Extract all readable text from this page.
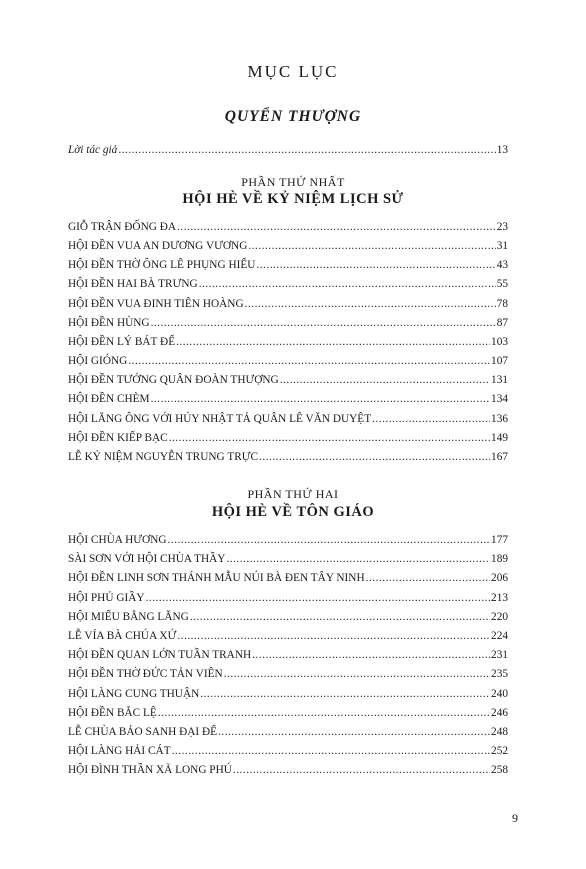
MỤC LỤC
QUYỂN THƯỢNG
Lời tác giả .....	13
PHẦN THỨ NHẤT
HỘI HÈ VỀ KỶ NIỆM LỊCH SỬ
GIỖ TRẬN ĐỐNG ĐA .....	23
HỘI ĐỀN VUA AN DƯƠNG VƯƠNG .....	31
HỘI ĐỀN THỜ ÔNG LÊ PHỤNG HIỂU .....	43
HỘI ĐỀN HAI BÀ TRƯNG .....	55
HỘI ĐỀN VUA ĐINH TIÊN HOÀNG .....	78
HỘI ĐỀN HÙNG .....	87
HỘI ĐỀN LÝ BÁT ĐẾ .....	103
HỘI GIÓNG .....	107
HỘI ĐỀN TƯỚNG QUÂN ĐOÀN THƯỢNG .....	131
HỘI ĐỀN CHÈM .....	134
HỘI LĂNG ÔNG VỚI HÚY NHẬT TẢ QUÂN LÊ VĂN DUYỆT .....	136
HỘI ĐỀN KIẾP BẠC .....	149
LỄ KỶ NIỆM NGUYỄN TRUNG TRỰC .....	167
PHẦN THỨ HAI
HỘI HÈ VỀ TÔN GIÁO
HỘI CHÙA HƯƠNG .....	177
SÀI SƠN VỚI HỘI CHÙA THẦY .....	189
HỘI ĐỀN LINH SƠN THÁNH MẪU NÚI BÀ ĐEN TÂY NINH .....	206
HỘI PHỦ GIẦY .....	213
HỘI MIẾU BẰNG LĂNG .....	220
LỄ VÍA BÀ CHÚA XỨ .....	224
HỘI ĐỀN QUAN LỚN TUẦN TRANH .....	231
HỘI ĐỀN THỜ ĐỨC TẢN VIÊN .....	235
HỘI LÀNG CUNG THUẬN .....	240
HỘI ĐỀN BẮC LỆ .....	246
LỄ CHÙA BẢO SANH ĐẠI ĐẾ .....	248
HỘI LÀNG HẢI CÁT .....	252
HỘI ĐÌNH THẦN XÃ LONG PHÚ .....	258
9
